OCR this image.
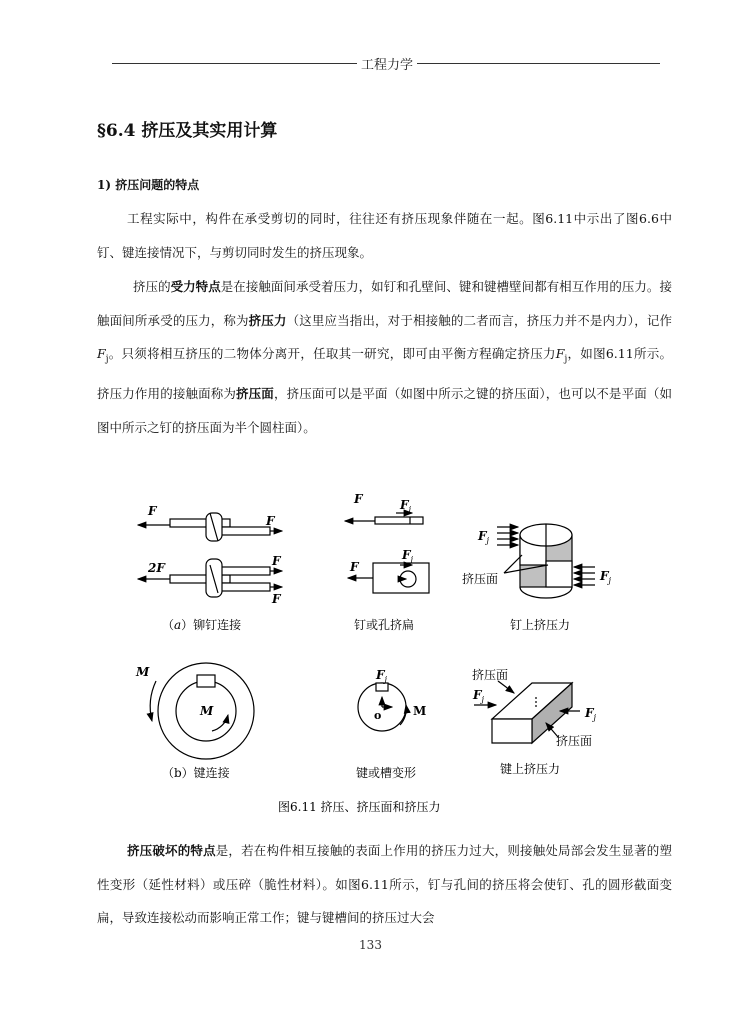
工程力学
§6.4 挤压及其实用计算
1) 挤压问题的特点
工程实际中，构件在承受剪切的同时，往往还有挤压现象伴随在一起。图6.11中示出了图6.6中钉、键连接情况下，与剪切同时发生的挤压现象。
挤压的受力特点是在接触面间承受着压力，如钉和孔壁间、键和键槽壁间都有相互作用的压力。接触面间所承受的压力，称为挤压力（这里应当指出，对于相接触的二者而言，挤压力并不是内力），记作$F_j$。只须将相互挤压的二物体分离开，任取其一研究，即可由平衡方程确定挤压力$F_j$，如图6.11所示。挤压力作用的接触面称为挤压面，挤压面可以是平面（如图中所示之键的挤压面），也可以不是平面（如图中所示之钉的挤压面为半个圆柱面）。
F
F
2F	F
F
（a）铆钉连接
F	$F_j$
$F_j$
F
钉或孔挤扁
$F_j$
$F_j$
挤压面
钉上挤压力
M
M
（b）键连接
$F_j$
o	M
键或槽变形
挤压面
$F_j$
$F_j$
挤压面
键上挤压力
图6.11 挤压、挤压面和挤压力
挤压破坏的特点是，若在构件相互接触的表面上作用的挤压力过大，则接触处局部会发生显著的塑性变形（延性材料）或压碎（脆性材料）。如图6.11所示，钉与孔间的挤压将会使钉、孔的圆形截面变扁，导致连接松动而影响正常工作；键与键槽间的挤压过大会
133
